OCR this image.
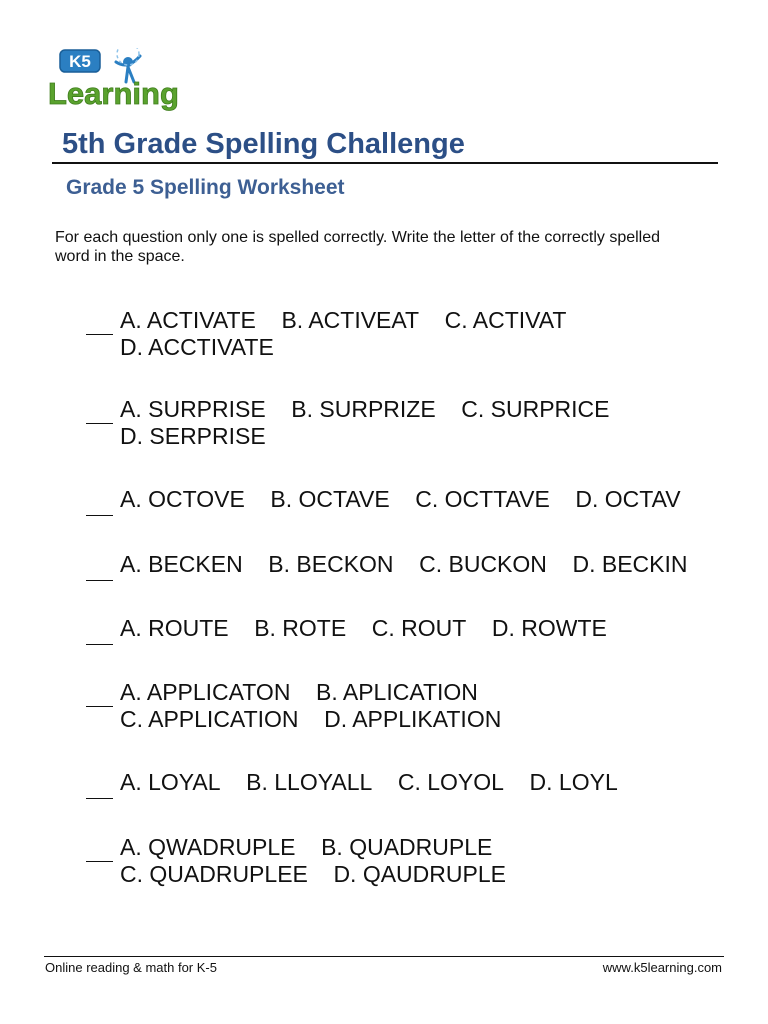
K5
Learning
5th Grade Spelling Challenge
Grade 5 Spelling Worksheet

For each question only one is spelled correctly. Write the letter of the correctly spelled word in the space.

A. ACTIVATE B. ACTIVEAT C. ACTIVAT    D. ACCTIVATE

A. SURPRISE B. SURPRIZE C. SURPRICE    D. SERPRISE

A. OCTOVE B. OCTAVE C. OCTTAVE D. OCTAV

A. BECKEN B. BECKON C. BUCKON D. BECKIN

A. ROUTE B. ROTE C. ROUT D. ROWTE

A. APPLICATON B. APLICATION    C. APPLICATION D. APPLIKATION

A. LOYAL B. LLOYALL C. LOYOL D. LOYL

A. QWADRUPLE B. QUADRUPLE    C. QUADRUPLEE D. QAUDRUPLE

Online reading & math for K-5	www.k5learning.com
